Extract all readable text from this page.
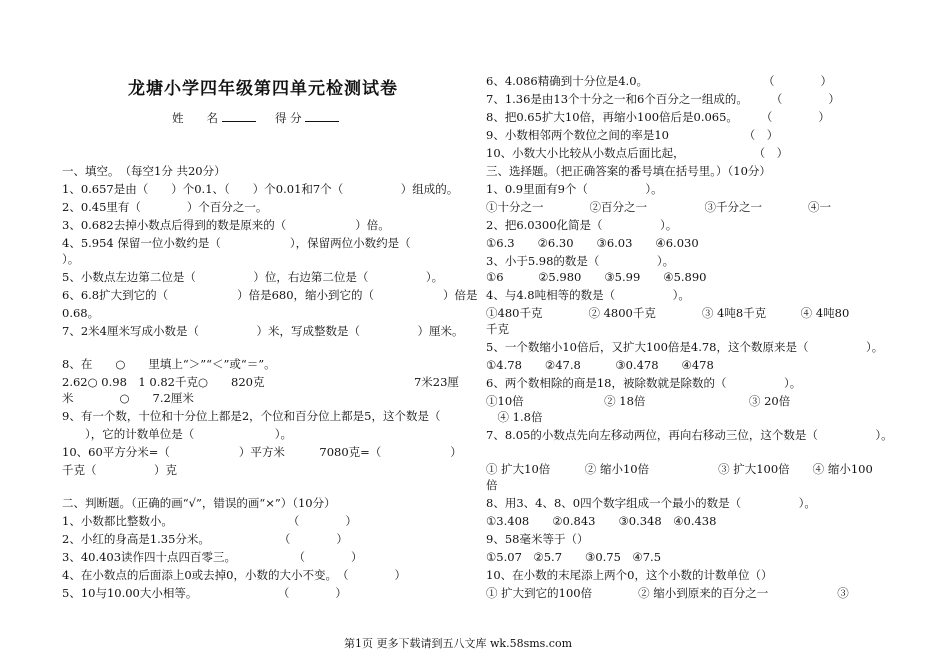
龙塘小学四年级第四单元检测试卷
姓　　名	得 分
一、填空。　（每空1分 共20分）
1、0.657是由（　　）个0.1、（　　）个0.01和7个（　　　　　）组成的。
2、0.45里有（　　　　）个百分之一。
3、0.682去掉小数点后得到的数是原来的（　　　　　　）倍。
4、5.954 保留一位小数约是（　　　　　　），保留两位小数约是（
）。
5、小数点左边第二位是（　　　　　）位，右边第二位是（　　　　　）。
6、6.8扩大到它的（　　　　　　）倍是680，缩小到它的（　　　　　　）倍是
0.68。
7、2米4厘米写成小数是（　　　　　）米，写成整数是（　　　　　）厘米。
8、在　　○　　里填上“＞”“＜”或“＝”。
2.62○ 0.98　1 0.82千克○　　820克　　　　　　　　　　　　　7米23厘
米　　　　○　　7.2厘米
9、有一个数，十位和十分位上都是2，个位和百分位上都是5，这个数是（
　　），它的计数单位是（　　　　　　　）。
10、60平方分米=（　　　　　　）平方米　　　7080克=（　　　　　　）
千克（　　　　　）克
二、判断题。（正确的画“√”，错误的画“×”）（10分）
1、小数都比整数小。　　　　　　　　　　　（　　　　）
2、小红的身高是1.35分米。　　　　　　　（　　　　）
3、40.403读作四十点四百零三。　　　　　　（　　　　）
4、在小数点的后面添上0或去掉0，小数的大小不变。　（　　　　）
5、10与10.00大小相等。　　　　　　　　（　　　　）
6、4.086精确到十分位是4.0。　　　　　　　　　　　（　　　　）
7、1.36是由13个十分之一和6个百分之一组成的。　　　（　　　　）
8、把0.65扩大10倍，再缩小100倍后是0.065。　　　（　　　　）
9、小数相邻两个数位之间的率是10　　　　　　　（　）
10、小数大小比较从小数点后面比起，　　　　　　　（　）
三、选择题。（把正确答案的番号填在括号里。）（10分）
1、0.9里面有9个（　　　　　）。
①十分之一　　　　②百分之一　　　　　③千分之一　　　　④一
2、把6.0300化简是（　　　　　）。
①6.3　　②6.30　　③6.03　　④6.030
3、小于5.98的数是（　　　　　）。
①6　　　②5.980　　③5.99　　④5.890
4、与4.8吨相等的数是（　　　　　）。
①480千克　　　　② 4800千克　　　　③ 4吨8千克　　　④ 4吨80
千克
5、一个数缩小10倍后，又扩大100倍是4.78，这个数原来是（　　　　　）。
①4.78　　②47.8　　　③0.478　　④478
6、两个数相除的商是18，被除数就是除数的（　　　　　）。
①10倍　　　　　　　② 18倍　　　　　　　　　③ 20倍
　④ 1.8倍
7、8.05的小数点先向左移动两位，再向右移动三位，这个数是（　　　　　）。
① 扩大10倍　　　② 缩小10倍　　　　　　③ 扩大100倍　　④ 缩小100
倍
8、用3、4、8、0四个数字组成一个最小的数是（　　　　　）。
①3.408　　②0.843　　③0.348　④0.438
9、58毫米等于（）
①5.07　②5.7　　③0.75　④7.5
10、在小数的末尾添上两个0，这个小数的计数单位（）
① 扩大到它的100倍　　　　② 缩小到原来的百分之一　　　　　　③
第1页 更多下载请到五八文库 wk.58sms.com
